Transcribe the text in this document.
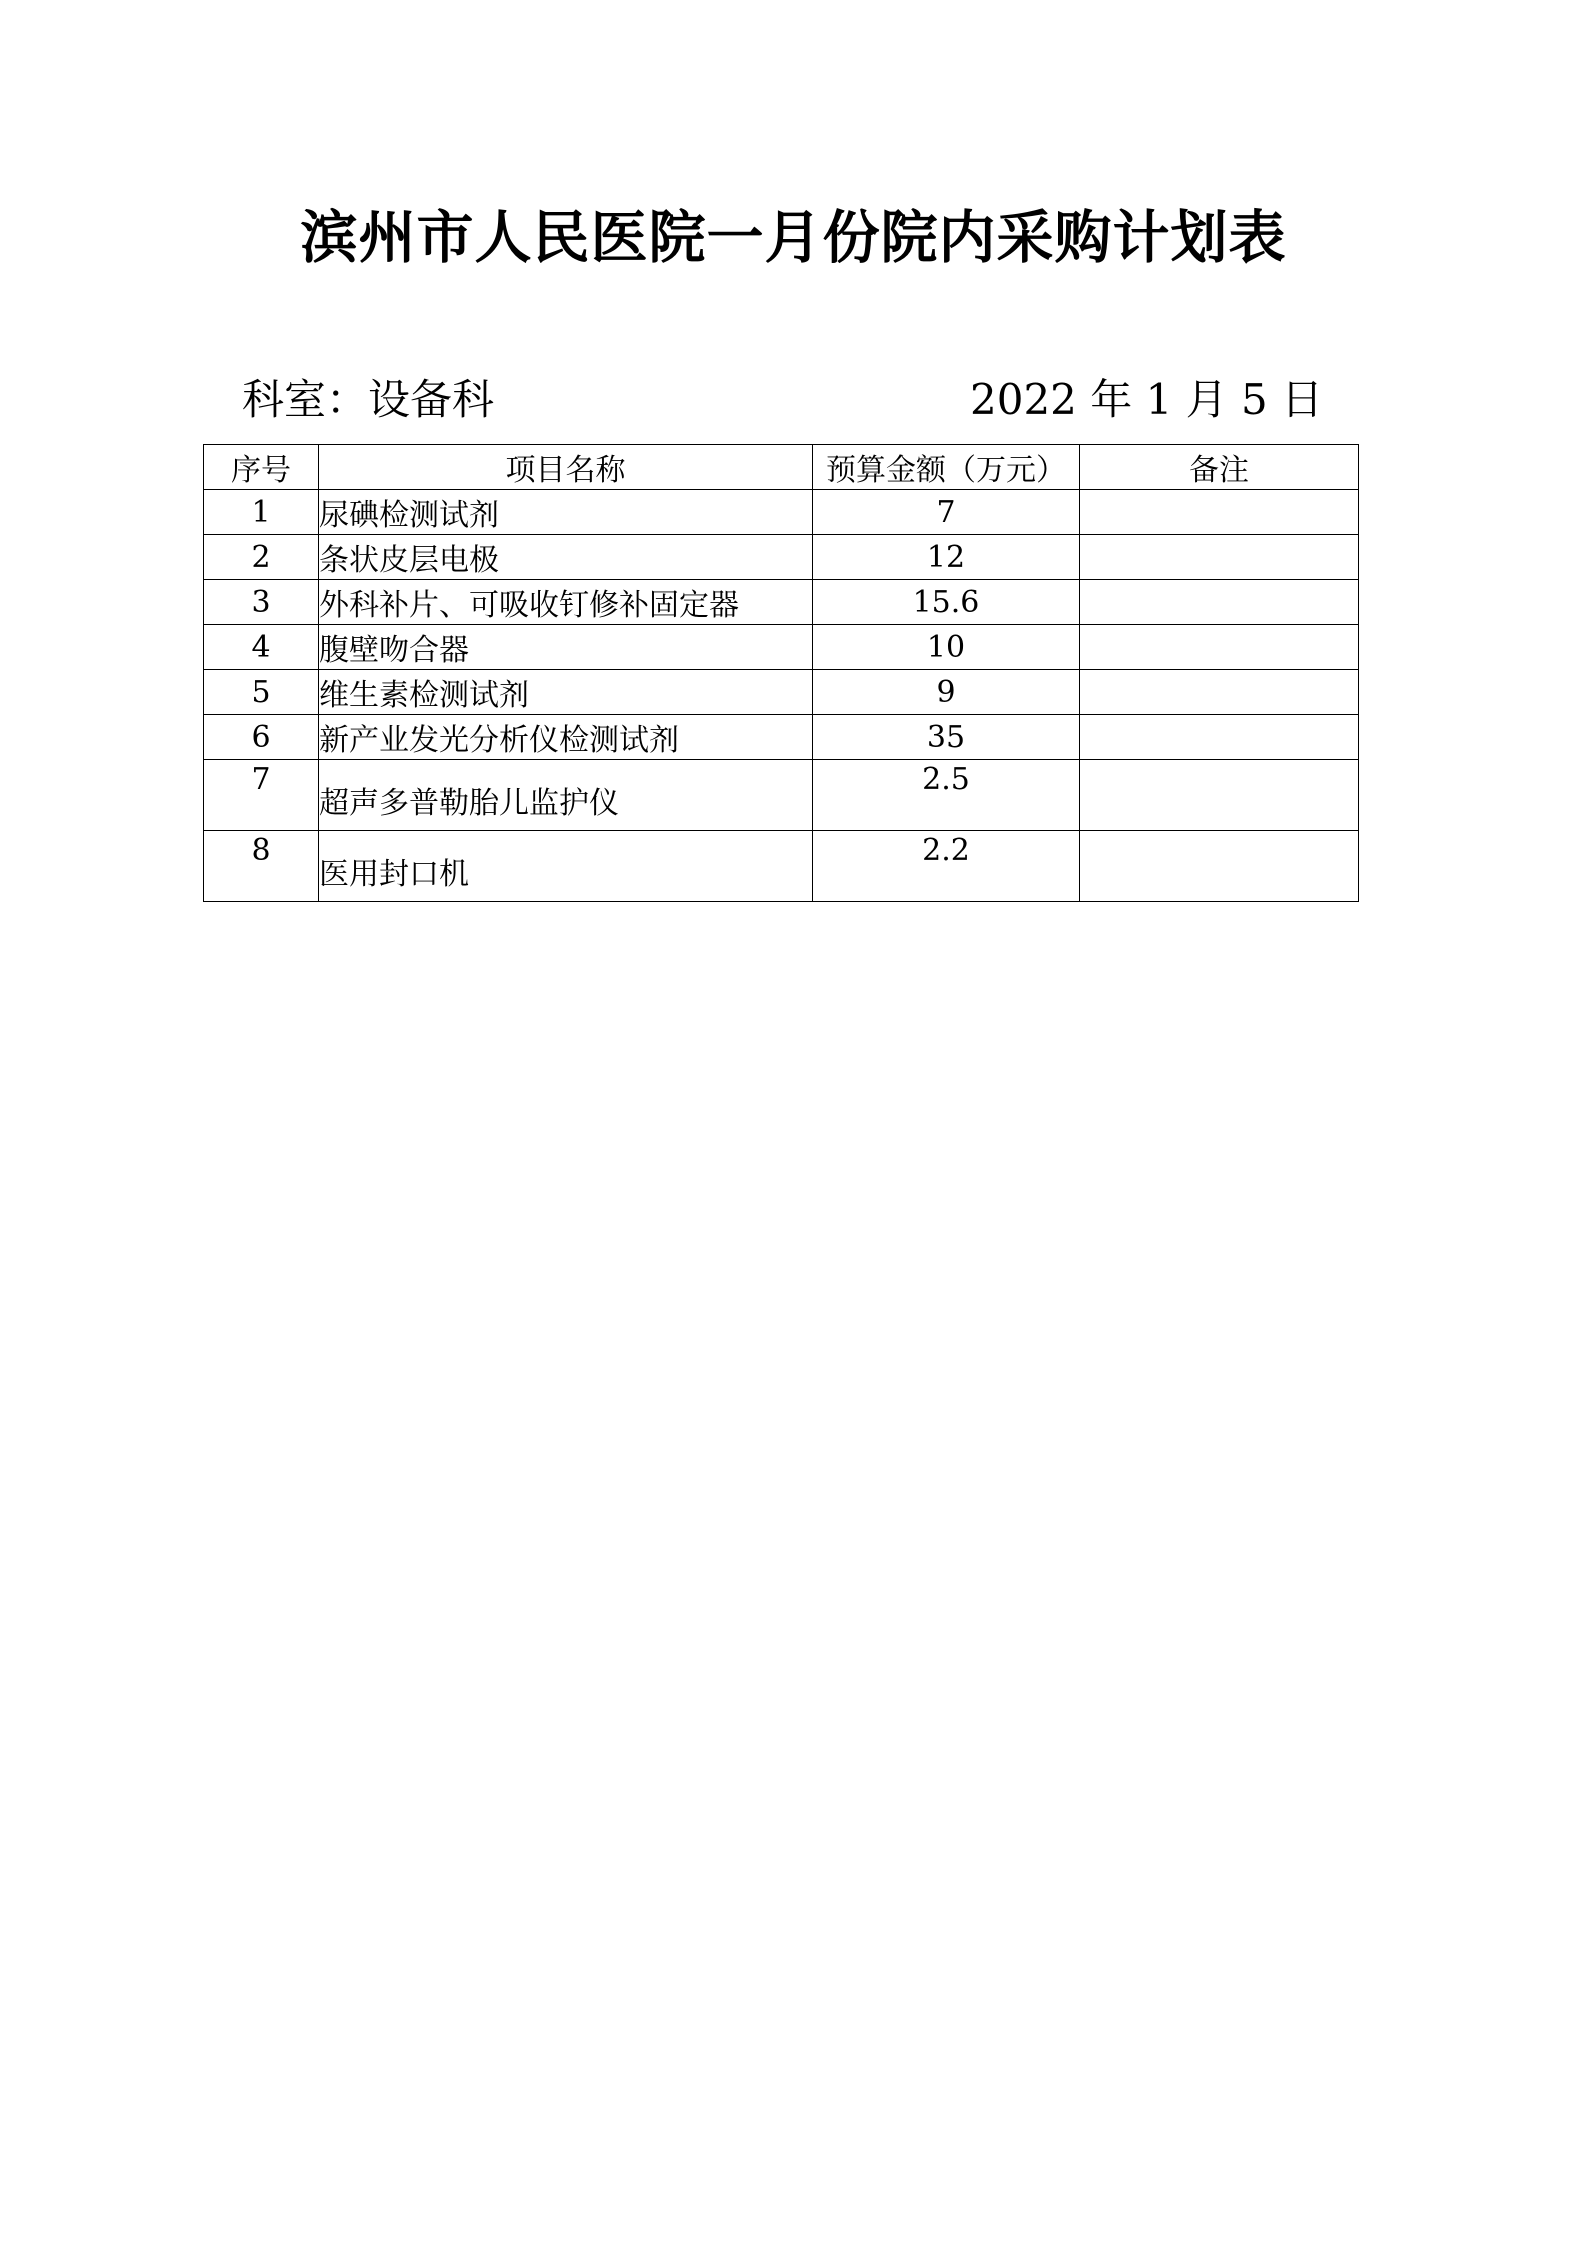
滨州市人民医院一月份院内采购计划表
科室：设备科	2022 年 1 月 5 日
序号	项目名称	预算金额（万元）	备注
1	尿碘检测试剂	7	
2	条状皮层电极	12	
3	外科补片、可吸收钉修补固定器	15.6	
4	腹壁吻合器	10	
5	维生素检测试剂	9	
6	新产业发光分析仪检测试剂	35	
7	超声多普勒胎儿监护仪	2.5	
8	医用封口机	2.2	
